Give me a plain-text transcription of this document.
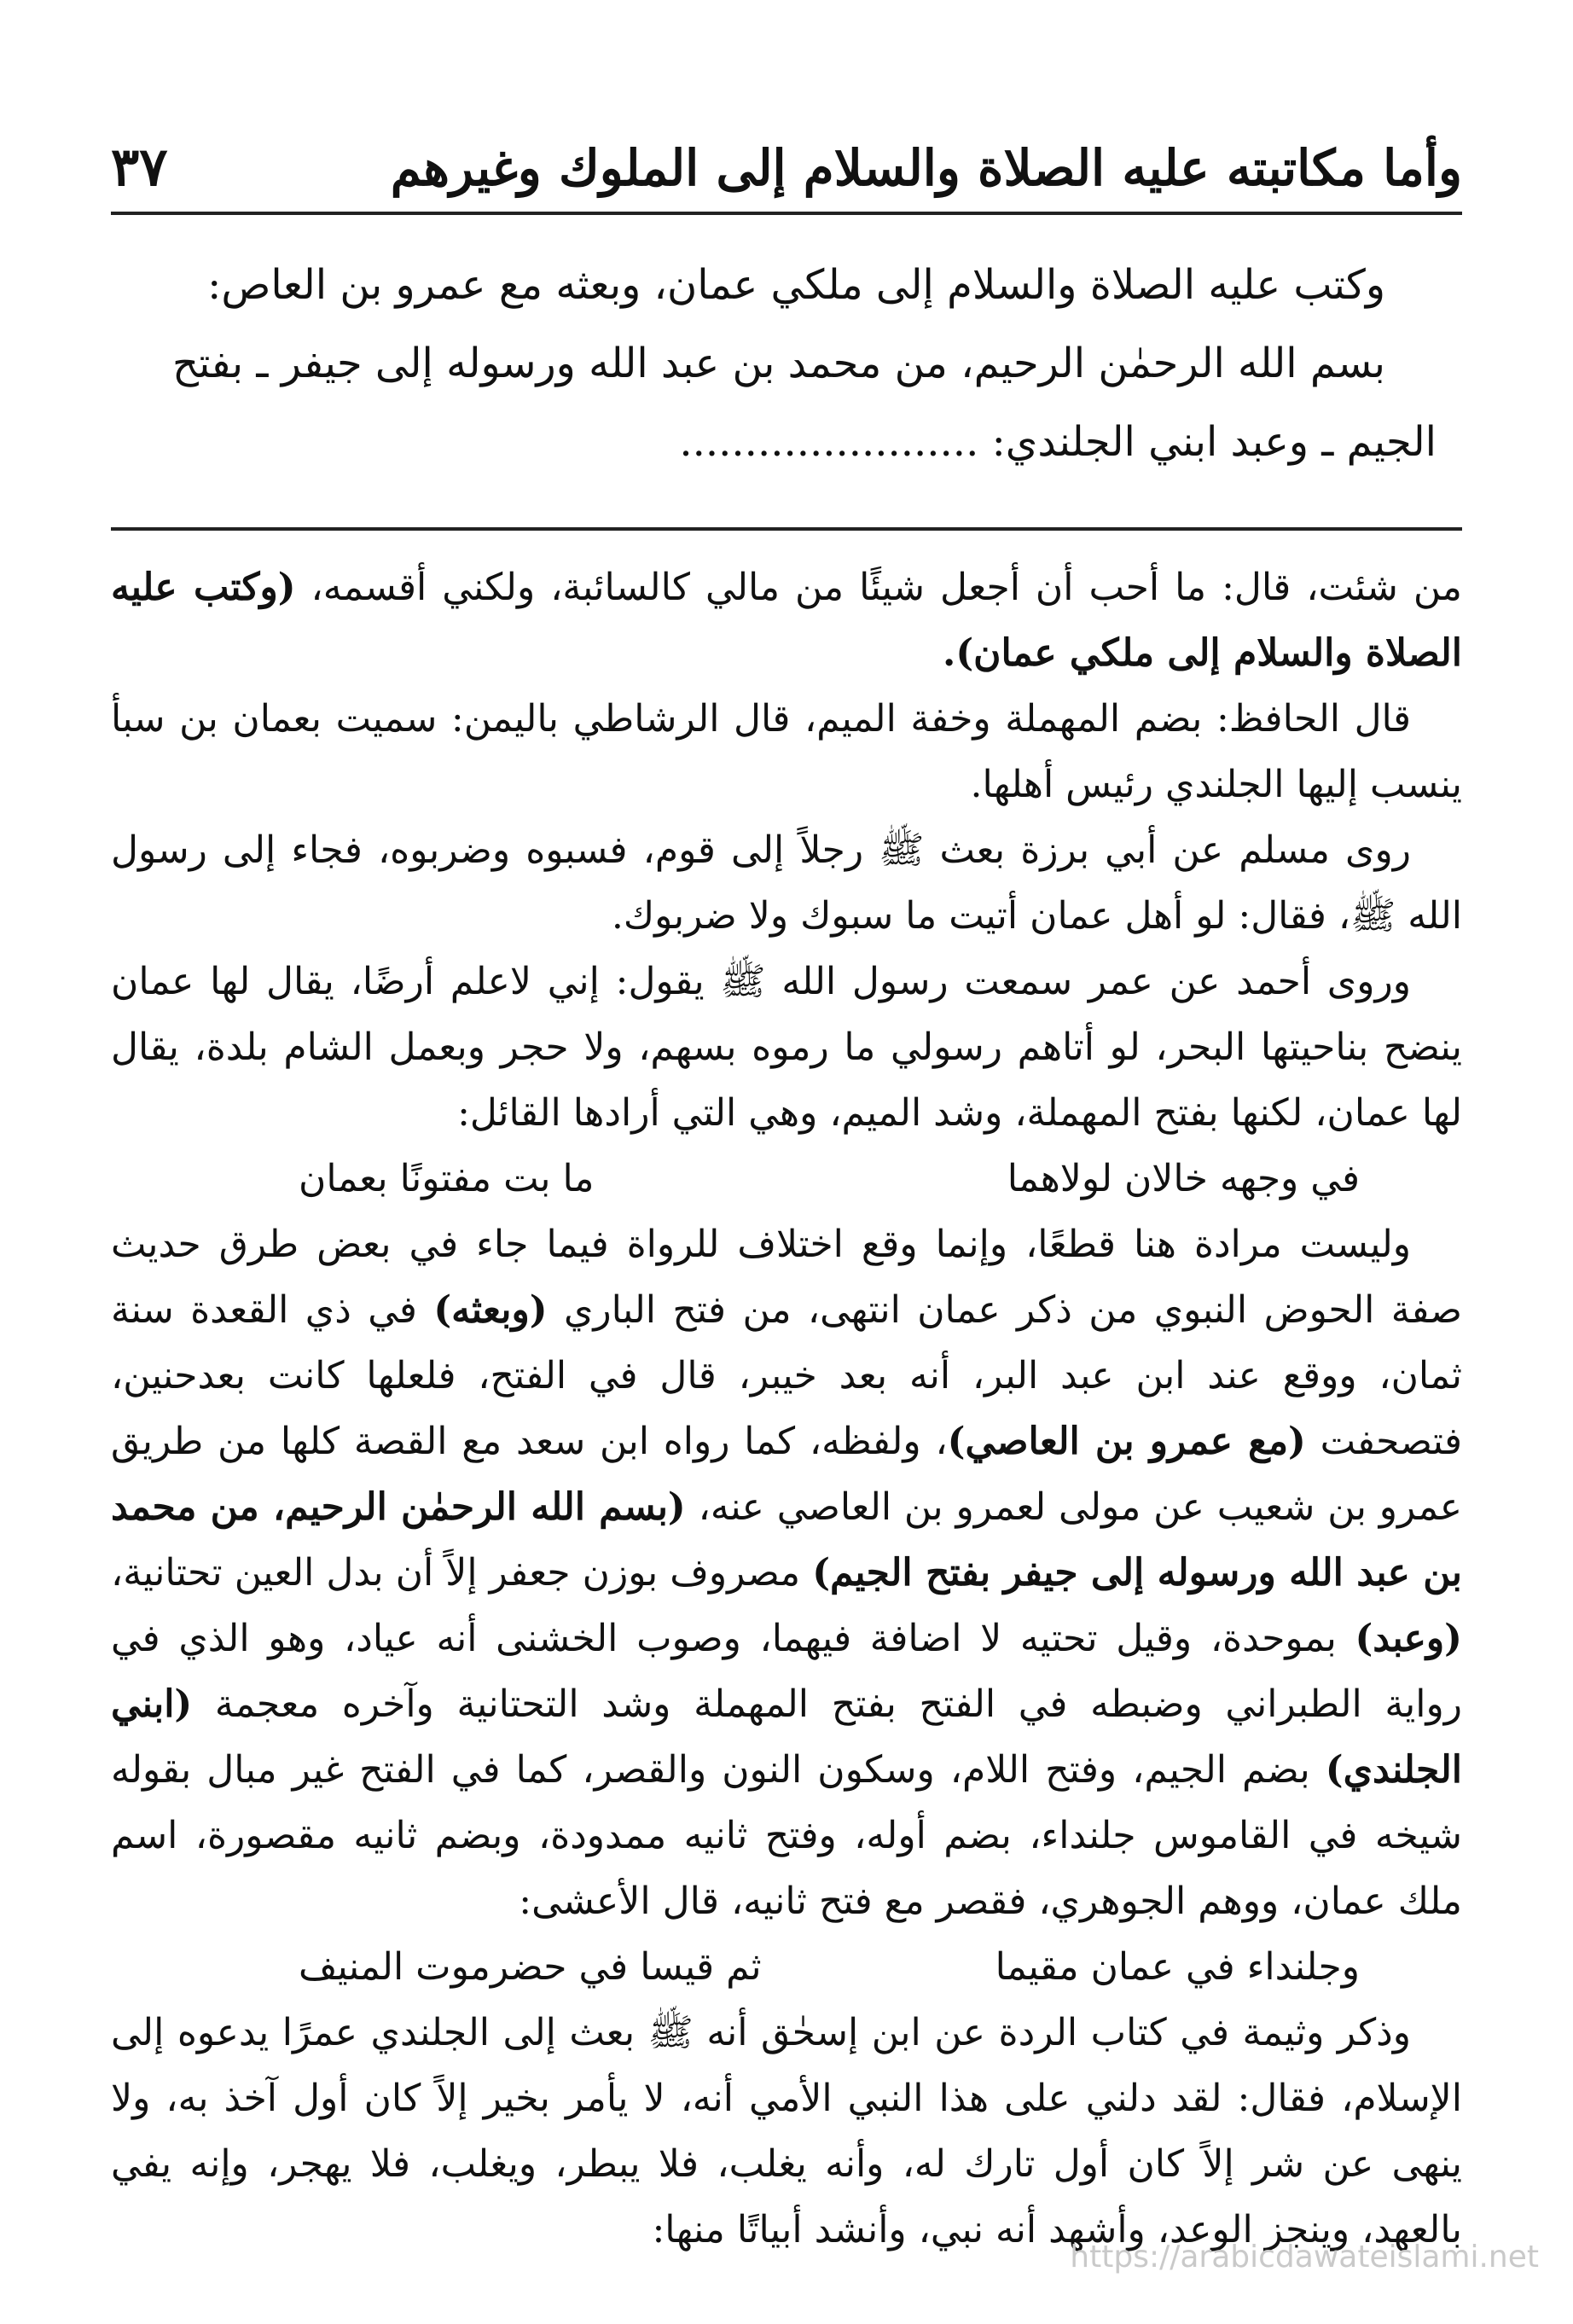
وأما مكاتبته عليه الصلاة والسلام إلى الملوك وغيرهم
٣٧

وكتب عليه الصلاة والسلام إلى ملكي عمان، وبعثه مع عمرو بن العاص:

بسم الله الرحمٰن الرحيم، من محمد بن عبد الله ورسوله إلى جيفر ـ بفتح

الجيم ـ وعبد ابني الجلندي: .......................

من شئت، قال: ما أحب أن أجعل شيئًا من مالي كالسائبة، ولكني أقسمه، (وكتب عليه الصلاة والسلام إلى ملكي عمان).

قال الحافظ: بضم المهملة وخفة الميم، قال الرشاطي باليمن: سميت بعمان بن سبأ ينسب إليها الجلندي رئيس أهلها.

روى مسلم عن أبي برزة بعث ﷺ رجلاً إلى قوم، فسبوه وضربوه، فجاء إلى رسول الله ﷺ، فقال: لو أهل عمان أتيت ما سبوك ولا ضربوك.

وروى أحمد عن عمر سمعت رسول الله ﷺ يقول: إني لاعلم أرضًا، يقال لها عمان ينضح بناحيتها البحر، لو أتاهم رسولي ما رموه بسهم، ولا حجر وبعمل الشام بلدة، يقال لها عمان، لكنها بفتح المهملة، وشد الميم، وهي التي أرادها القائل:

في وجهه خالان لولاهما
ما بت مفتونًا بعمان

وليست مرادة هنا قطعًا، وإنما وقع اختلاف للرواة فيما جاء في بعض طرق حديث صفة الحوض النبوي من ذكر عمان انتهى، من فتح الباري (وبعثه) في ذي القعدة سنة ثمان، ووقع عند ابن عبد البر، أنه بعد خيبر، قال في الفتح، فلعلها كانت بعدحنين، فتصحفت (مع عمرو بن العاصي)، ولفظه، كما رواه ابن سعد مع القصة كلها من طريق عمرو بن شعيب عن مولى لعمرو بن العاصي عنه، (بسم الله الرحمٰن الرحيم، من محمد بن عبد الله ورسوله إلى جيفر بفتح الجيم) مصروف بوزن جعفر إلاً أن بدل العين تحتانية، (وعبد) بموحدة، وقيل تحتيه لا اضافة فيهما، وصوب الخشنى أنه عياد، وهو الذي في رواية الطبراني وضبطه في الفتح بفتح المهملة وشد التحتانية وآخره معجمة (ابني الجلندي) بضم الجيم، وفتح اللام، وسكون النون والقصر، كما في الفتح غير مبال بقوله شيخه في القاموس جلنداء، بضم أوله، وفتح ثانيه ممدودة، وبضم ثانيه مقصورة، اسم ملك عمان، ووهم الجوهري، فقصر مع فتح ثانيه، قال الأعشى:

وجلنداء في عمان مقيما
ثم قيسا في حضرموت المنيف

وذكر وثيمة في كتاب الردة عن ابن إسحٰق أنه ﷺ بعث إلى الجلندي عمرًا يدعوه إلى الإسلام، فقال: لقد دلني على هذا النبي الأمي أنه، لا يأمر بخير إلاً كان أول آخذ به، ولا ينهى عن شر إلاً كان أول تارك له، وأنه يغلب، فلا يبطر، ويغلب، فلا يهجر، وإنه يفي بالعهد، وينجز الوعد، وأشهد أنه نبي، وأنشد أبياتًا منها:

https://arabicdawateislami.net
